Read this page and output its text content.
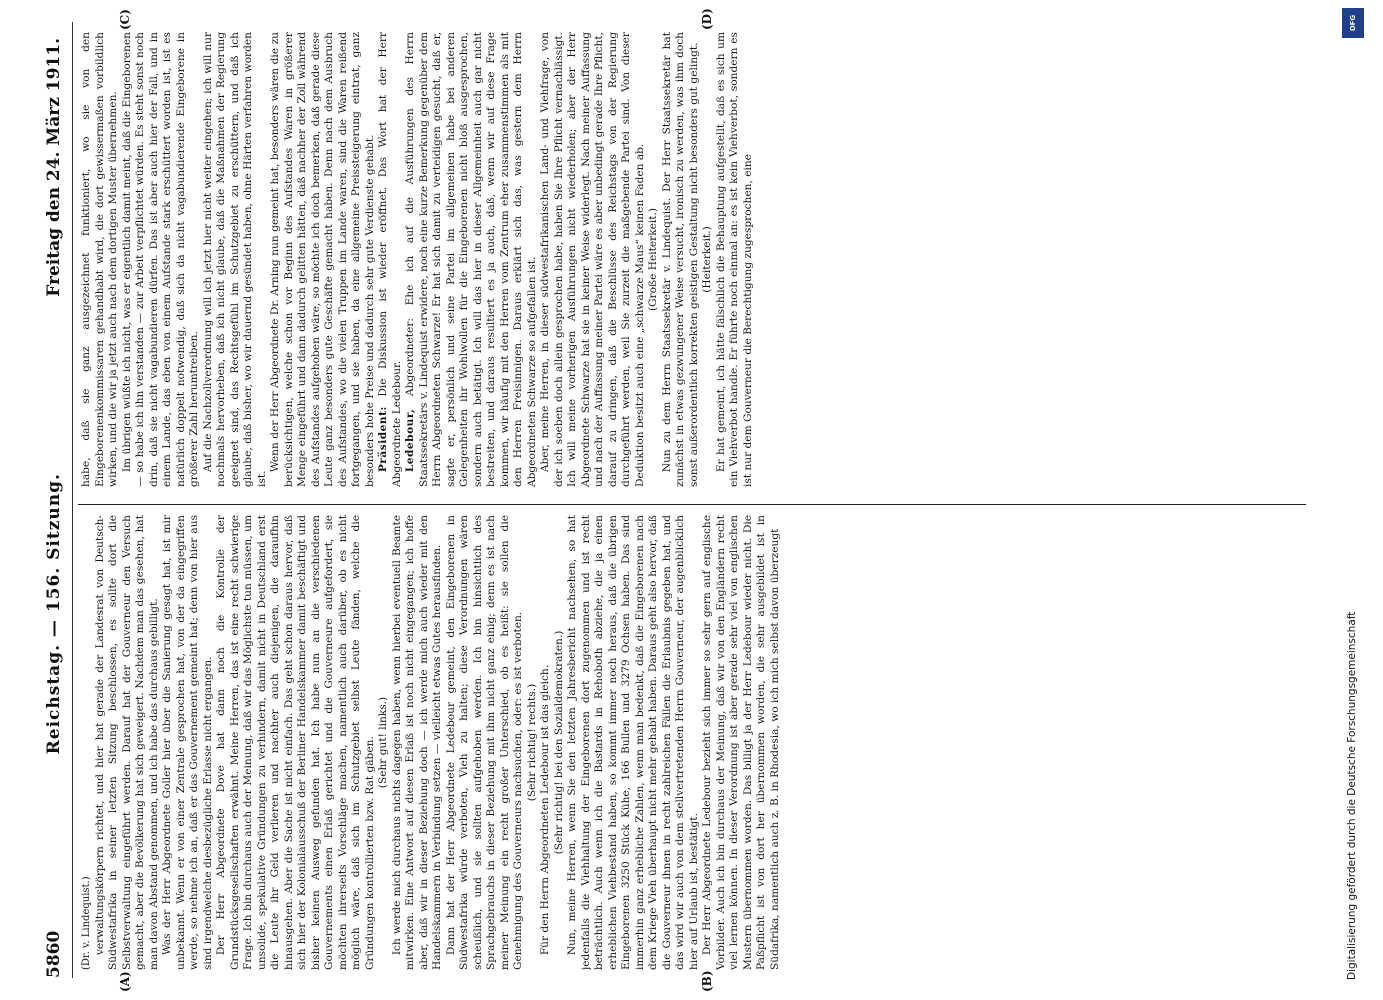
5860
Reichstag. — 156. Sitzung.
Freitag den 24. März 1911.
(A)	(B)
(C)	(D)

(Dr. v. Lindequist.) verwaltungskörpern richtet, und hier hat gerade der Landesrat von Deutsch-Südwestafrika in seiner letzten Sitzung beschlossen, es sollte dort die Selbstverwaltung eingeführt werden. Darauf hat der Gouverneur den Versuch gemacht, aber die Bevölkerung hat sich geweigert. Nachdem man das gesehen, hat man davon Abstand genommen, und ich habe das durchaus gebilligt. Was der Herr Abgeordnete Goller hier über die Sanierung gesagt hat, ist mir unbekannt. Wenn er von einer Zentrale gesprochen hat, von der da eingegriffen werde, so nehme ich an, daß er das Gouvernement gemeint hat; denn von hier aus sind irgendwelche diesbezügliche Erlasse nicht ergangen. Der Herr Abgeordnete Dove hat dann noch die Kontrolle der Grundstücksgesellschaften erwähnt. Meine Herren, das ist eine recht schwierige Frage. Ich bin durchaus auch der Meinung, daß wir das Möglichste tun müssen, um unsolide, spekulative Gründungen zu verhindern, damit nicht in Deutschland erst die Leute ihr Geld verlieren und nachher auch diejenigen, die daraufhin hinausgehen. Aber die Sache ist nicht einfach. Das geht schon daraus hervor, daß sich hier der Kolonialausschuß der Berliner Handelskammer damit beschäftigt und bisher keinen Ausweg gefunden hat. Ich habe nun an die verschiedenen Gouvernements einen Erlaß gerichtet und die Gouverneure aufgefordert, sie möchten ihrerseits Vorschläge machen, namentlich auch darüber, ob es nicht möglich wäre, daß sich im Schutzgebiet selbst Leute fänden, welche die Gründungen kontrollierten bzw. Rat gäben. (Sehr gut! links.) Ich werde mich durchaus nichts dagegen haben, wenn hierbei eventuell Beamte mitwirken. Eine Antwort auf diesen Erlaß ist noch nicht eingegangen; ich hoffe aber, daß wir in dieser Beziehung doch — ich werde mich auch wieder mit den Handelskammern in Verbindung setzen — vielleicht etwas Gutes herausfinden. Dann hat der Herr Abgeordnete Ledebour gemeint, den Eingeborenen in Südwestafrika würde verboten, Vieh zu halten; diese Verordnungen wären scheußlich, und sie sollten aufgehoben werden. Ich bin hinsichtlich des Sprachgebrauchs in dieser Beziehung mit ihm nicht ganz einig; denn es ist nach meiner Meinung ein recht großer Unterschied, ob es heißt: sie sollen die Genehmigung des Gouverneurs nachsuchen, oder: es ist verboten. (Sehr richtig! rechts.) Für den Herrn Abgeordneten Ledebour ist das gleich. (Sehr richtig! bei den Sozialdemokraten.) Nun, meine Herren, wenn Sie den letzten Jahresbericht nachsehen, so hat jedenfalls die Viehhaltung der Eingeborenen dort zugenommen und ist recht beträchtlich. Auch wenn ich die Bastards in Rehoboth abziehe, die ja einen erheblichen Viehbestand haben, so kommt immer noch heraus, daß die übrigen Eingeborenen 3250 Stück Kühe, 166 Bullen und 3279 Ochsen haben. Das sind immerhin ganz erhebliche Zahlen, wenn man bedenkt, daß die Eingeborenen nach dem Kriege Vieh überhaupt nicht mehr gehabt haben. Daraus geht also hervor, daß die Gouverneur ihnen in recht zahlreichen Fällen die Erlaubnis gegeben hat, und das wird wir auch von dem stellvertretenden Herrn Gouverneur, der augenblicklich hier auf Urlaub ist, bestätigt. Der Herr Abgeordnete Ledebour bezieht sich immer so sehr gern auf englische Vorbilder. Auch ich bin durchaus der Meinung, daß wir von den Engländern recht viel lernen können. In dieser Verordnung ist aber gerade sehr viel von englischen Mustern übernommen worden. Das billigt ja der Herr Ledebour wieder nicht. Die Paßpflicht ist von dort her übernommen worden, die sehr ausgebildet ist in Südafrika, namentlich auch z. B. in Rhodesia, wo ich mich selbst davon überzeugt

habe, daß sie ganz ausgezeichnet funktioniert, wo sie von den Eingeborenenkommissaren gehandhabt wird, die dort gewissermaßen vorbildlich wirken, und die wir ja jetzt auch nach dem dortigen Muster übernehmen. Im übrigen wüßte ich nicht, was er eigentlich damit meint, daß die Eingeborenen — so habe ich ihn verstanden — zur Arbeit verpflichtet würden. Es steht sonst noch drin, daß sie nicht vagabundieren dürfen. Das ist aber auch hier der Fall, und in einem Lande, das eben von einem Aufstande stark erschüttert worden ist, ist es natürlich doppelt notwendig, daß sich da nicht vagabundierende Eingeborene in größerer Zahl herumtreiben. Auf die Nachzollverordnung will ich jetzt hier nicht weiter eingehen; ich will nur nochmals hervorheben, daß ich nicht glaube, daß die Maßnahmen der Regierung geeignet sind, das Rechtsgefühl im Schutzgebiet zu erschüttern, und daß ich glaube, daß bisher, wo wir dauernd gesündet haben, ohne Härten verfahren worden ist.

Wenn der Herr Abgeordnete Dr. Arning nun gemeint hat, besonders wären die zu berücksichtigen, welche schon vor Beginn des Aufstandes Waren in größerer Menge eingeführt und dann dadurch gelitten hätten, daß nachher der Zoll während des Aufstandes aufgehoben wäre, so möchte ich doch bemerken, daß gerade diese Leute ganz besonders gute Geschäfte gemacht haben. Denn nach dem Ausbruch des Aufstandes, wo die vielen Truppen im Lande waren, sind die Waren reißend fortgegangen, und sie haben, da eine allgemeine Preissteigerung eintrat, ganz besonders hohe Preise und dadurch sehr gute Verdienste gehabt. Präsident: Die Diskussion ist wieder eröffnet. Das Wort hat der Herr Abgeordnete Ledebour. Ledebour, Abgeordneter: Ehe ich auf die Ausführungen des Herrn Staatssekretärs v. Lindequist erwidere, noch eine kurze Bemerkung gegenüber dem Herrn Abgeordneten Schwarze! Er hat sich damit zu verteidigen gesucht, daß er, sagte er, persönlich und seine Partei im allgemeinen habe bei anderen Gelegenheiten ihr Wohlwollen für die Eingeborenen nicht bloß ausgesprochen, sondern auch betätigt. Ich will das hier in dieser Allgemeinheit auch gar nicht bestreiten, und daraus resultiert es ja auch, daß, wenn wir auf diese Frage kommen, wir häufig mit den Herren vom Zentrum eher zusammenstimmen als mit den Herren Freisinnigen. Daraus erklärt sich das, was gestern dem Herrn Abgeordneten Schwarze so aufgefallen ist. Aber, meine Herren, in dieser südwestafrikanischen Land- und Viehfrage, von der ich soeben doch allein gesprochen habe, haben Sie Ihre Pflicht vernachlässigt. Ich will meine vorherigen Ausführungen nicht wiederholen; aber der Herr Abgeordnete Schwarze hat sie in keiner Weise widerlegt. Nach meiner Auffassung und nach der Auffassung meiner Partei wäre es aber unbedingt gerade Ihre Pflicht, darauf zu dringen, daß die Beschlüsse des Reichstags von der Regierung durchgeführt werden, weil Sie zurzeit die maßgebende Partei sind. Von dieser Deduktion besitzt auch eine „schwarze Maus“ keinen Faden ab. (Große Heiterkeit.) Nun zu dem Herrn Staatssekretär v. Lindequist. Der Herr Staatssekretär hat zunächst in etwas gezwungener Weise versucht, ironisch zu werden, was ihm doch sonst außerordentlich korrekten geistigen Gestaltung nicht besonders gut gelingt. (Heiterkeit.) Er hat gemeint, ich hätte fälschlich die Behauptung aufgestellt, daß es sich um ein Viehverbot handle. Er führte noch einmal an: es ist kein Viehverbot, sondern es ist nur dem Gouverneur die Berechtigung zugesprochen, eine

DFG
Digitalisierung gefördert durch die Deutsche Forschungsgemeinschaft
